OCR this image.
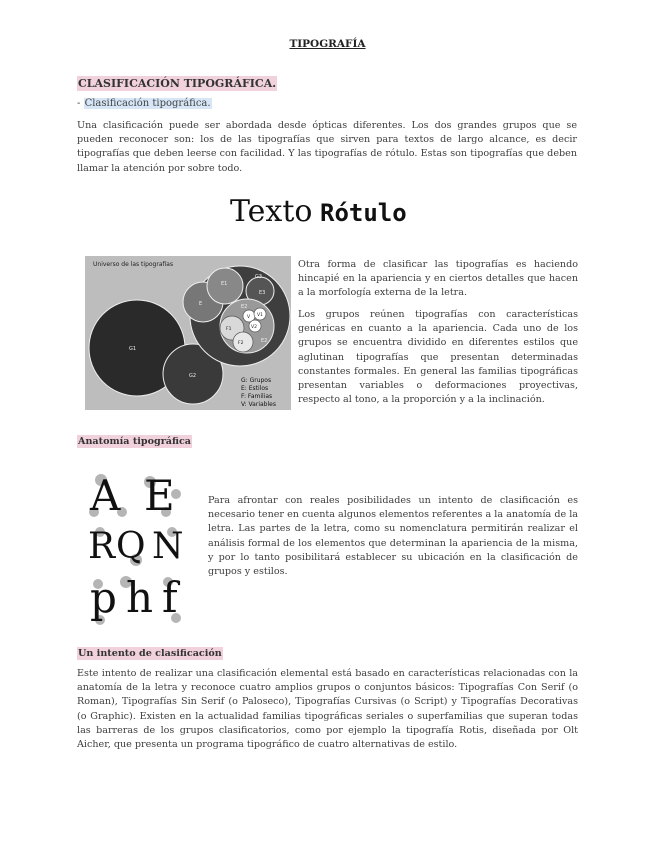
TIPOGRAFÍA
CLASIFICACIÓN TIPOGRÁFICA.
- Clasificación tipográfica.
Una clasificación puede ser abordada desde ópticas diferentes. Los dos grandes grupos que se pueden reconocer son: los de las tipografías que sirven para textos de largo alcance, es decir tipografías que deben leerse con facilidad. Y las tipografías de rótulo. Estas son tipografías que deben llamar la atención por sobre todo.
Texto Rótulo
Universo de las tipografías
G1
G2
G3
E
E1
E2
E3
E2
F1
F2
V V1
V2
G: Grupos
E: Estilos
F: Familias
V: Variables
Otra forma de clasificar las tipografías es haciendo hincapié en la apariencia y en ciertos detalles que hacen a la morfología externa de la letra.
Los grupos reúnen tipografías con características genéricas en cuanto a la apariencia. Cada uno de los grupos se encuentra dividido en diferentes estilos que aglutinan tipografías que presentan determinadas constantes formales. En general las familias tipográficas presentan variables o deformaciones proyectivas, respecto al tono, a la proporción y a la inclinación.
Anatomía tipográfica
A E
R Q N
p h f
Para afrontar con reales posibilidades un intento de clasificación es necesario tener en cuenta algunos elementos referentes a la anatomía de la letra. Las partes de la letra, como su nomenclatura permitirán realizar el análisis formal de los elementos que determinan la apariencia de la misma, y por lo tanto posibilitará establecer su ubicación en la clasificación de grupos y estilos.
Un intento de clasificación
Este intento de realizar una clasificación elemental está basado en características relacionadas con la anatomía de la letra y reconoce cuatro amplios grupos o conjuntos básicos: Tipografías Con Serif (o Roman), Tipografías Sin Serif (o Paloseco), Tipografías Cursivas (o Script) y Tipografías Decorativas (o Graphic). Existen en la actualidad familias tipográficas seriales o superfamilias que superan todas las barreras de los grupos clasificatorios, como por ejemplo la tipografía Rotis, diseñada por Olt Aicher, que presenta un programa tipográfico de cuatro alternativas de estilo.
